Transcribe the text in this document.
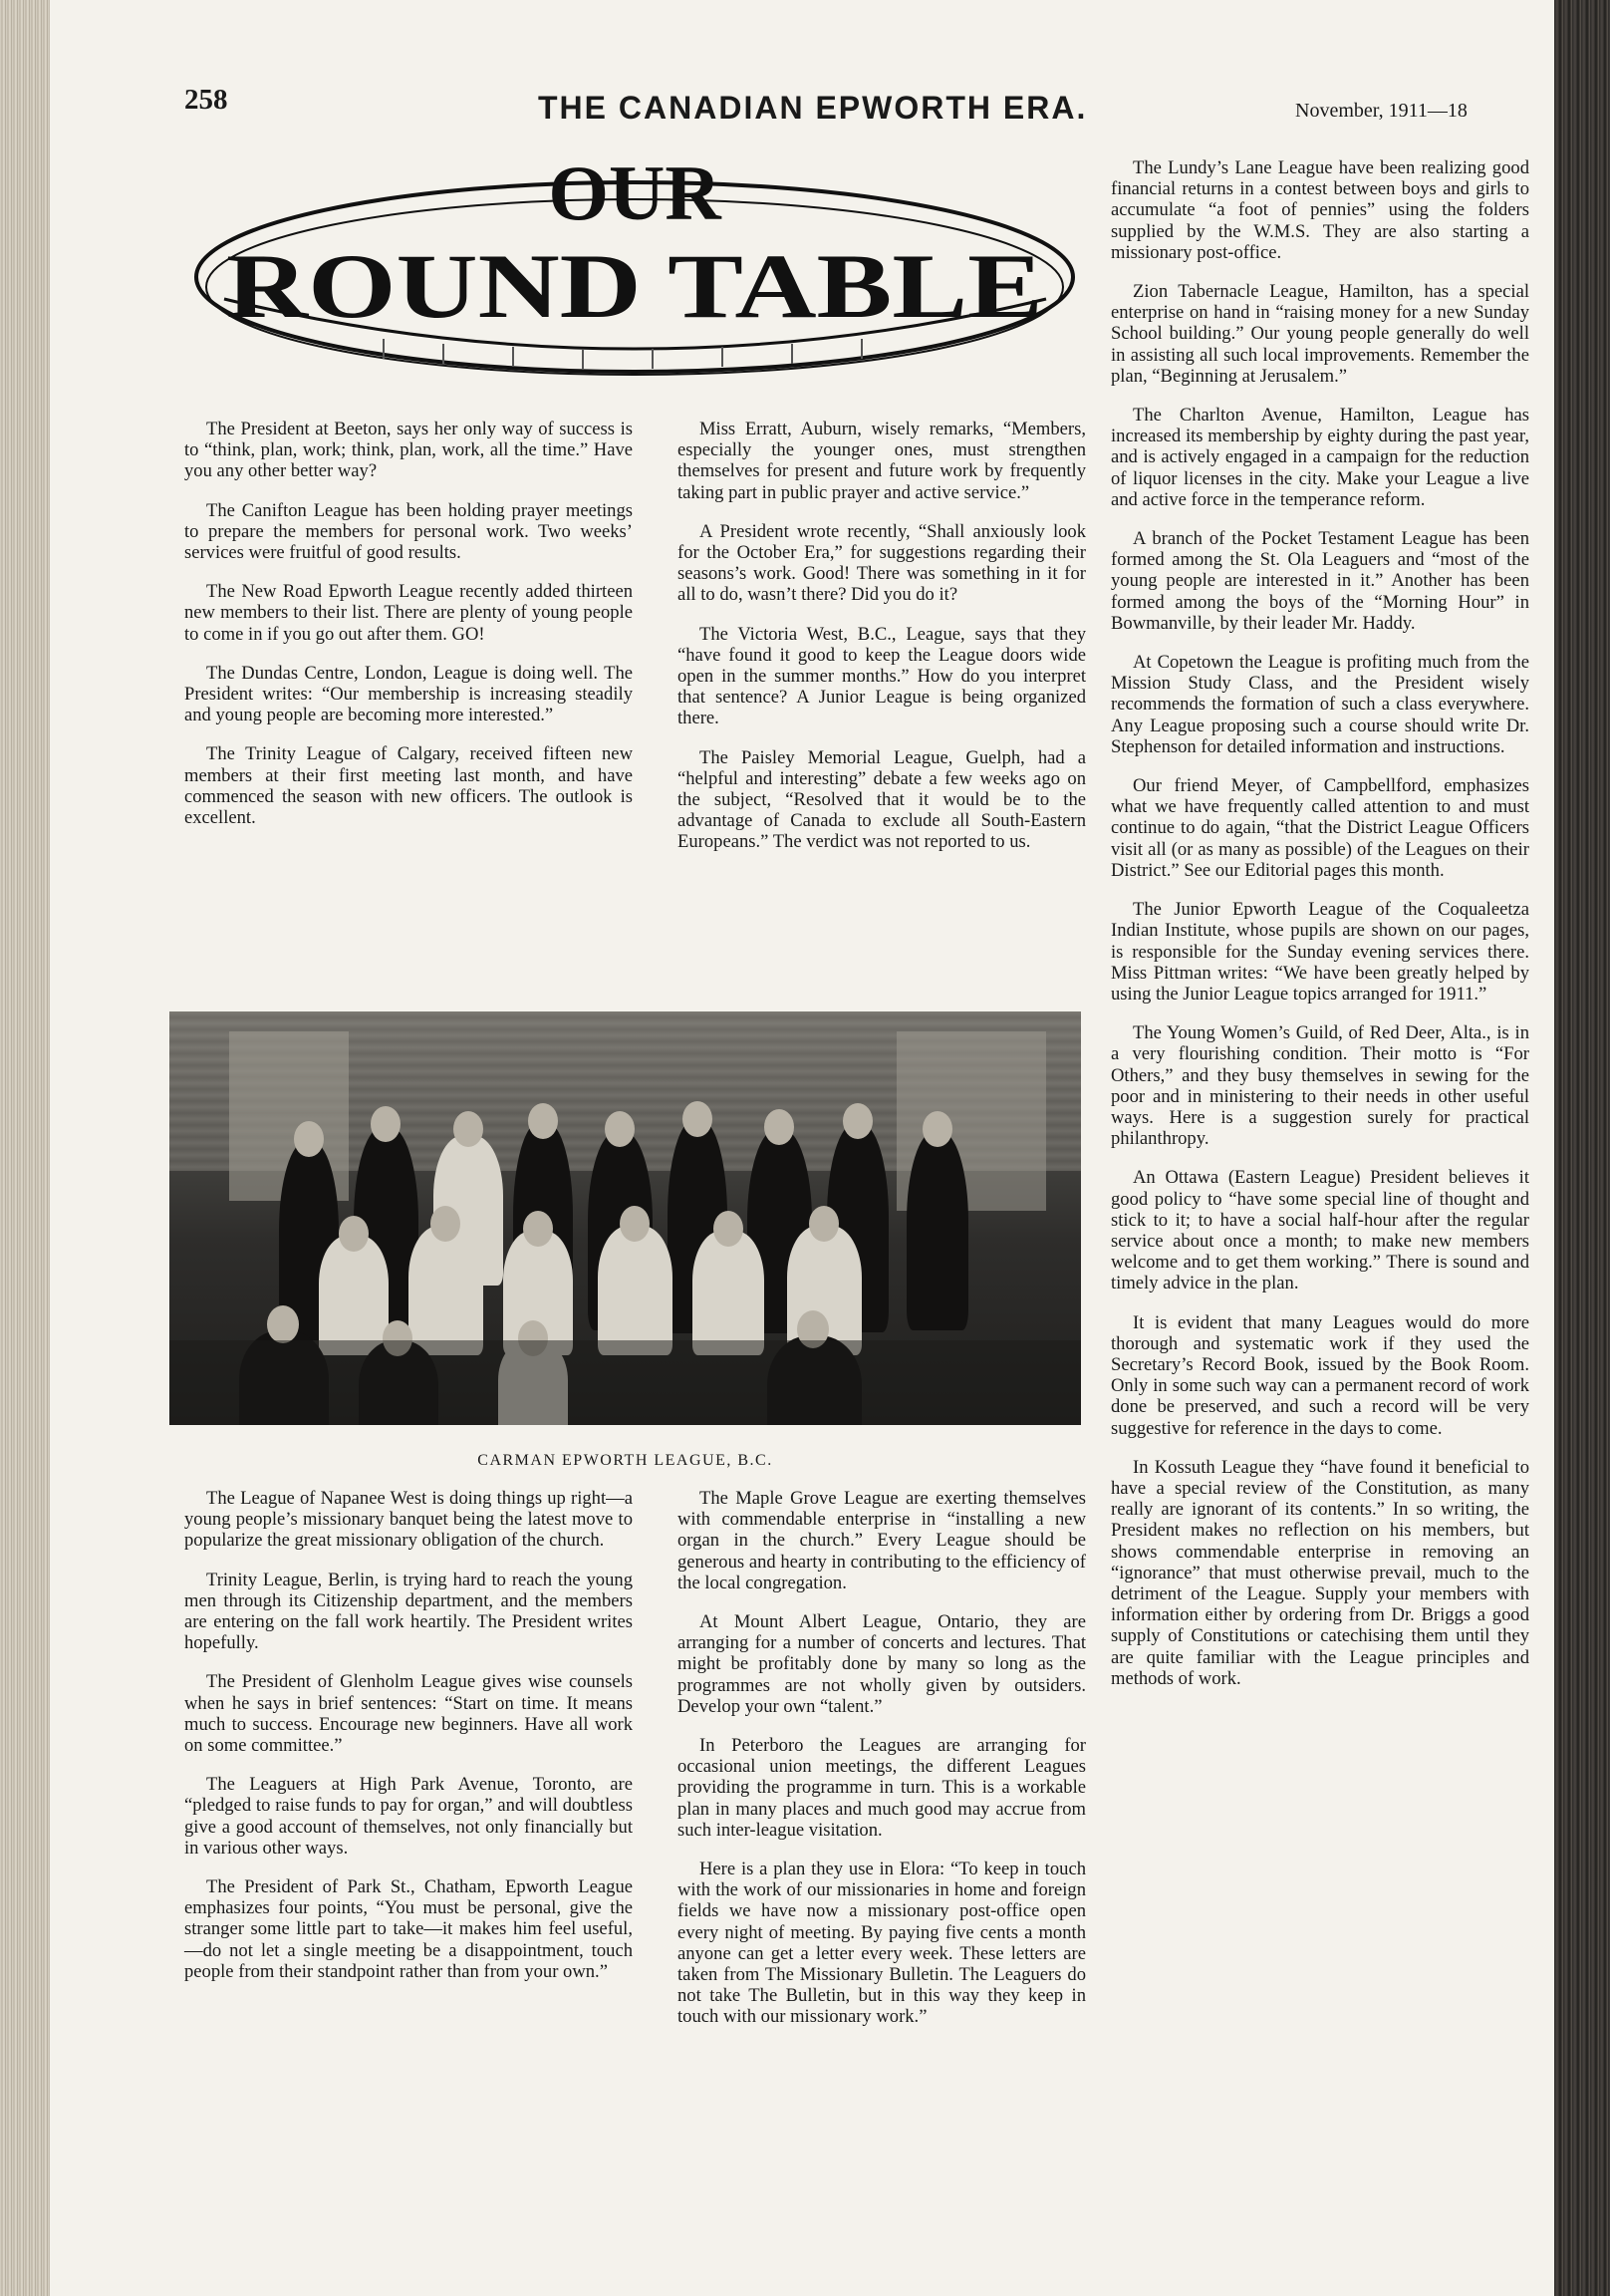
258	THE CANADIAN EPWORTH ERA.	November, 1911—18
OUR
ROUND TABLE

The President at Beeton, says her only way of success is to “think, plan, work; think, plan, work, all the time.” Have you any other better way?

The Canifton League has been holding prayer meetings to prepare the members for personal work. Two weeks’ services were fruitful of good results.

The New Road Epworth League recently added thirteen new members to their list. There are plenty of young people to come in if you go out after them. GO!

The Dundas Centre, London, League is doing well. The President writes: “Our membership is increasing steadily and young people are becoming more interested.”

The Trinity League of Calgary, received fifteen new members at their first meeting last month, and have commenced the season with new officers. The outlook is excellent.

Miss Erratt, Auburn, wisely remarks, “Members, especially the younger ones, must strengthen themselves for present and future work by frequently taking part in public prayer and active service.”

A President wrote recently, “Shall anxiously look for the October Era,” for suggestions regarding their seasons’s work. Good! There was something in it for all to do, wasn’t there? Did you do it?

The Victoria West, B.C., League, says that they “have found it good to keep the League doors wide open in the summer months.” How do you interpret that sentence? A Junior League is being organized there.

The Paisley Memorial League, Guelph, had a “helpful and interesting” debate a few weeks ago on the subject, “Resolved that it would be to the advantage of Canada to exclude all South-Eastern Europeans.” The verdict was not reported to us.

The Lundy’s Lane League have been realizing good financial returns in a contest between boys and girls to accumulate “a foot of pennies” using the folders supplied by the W.M.S. They are also starting a missionary post-office.

Zion Tabernacle League, Hamilton, has a special enterprise on hand in “raising money for a new Sunday School building.” Our young people generally do well in assisting all such local improvements. Remember the plan, “Beginning at Jerusalem.”

The Charlton Avenue, Hamilton, League has increased its membership by eighty during the past year, and is actively engaged in a campaign for the reduction of liquor licenses in the city. Make your League a live and active force in the temperance reform.

A branch of the Pocket Testament League has been formed among the St. Ola Leaguers and “most of the young people are interested in it.” Another has been formed among the boys of the “Morning Hour” in Bowmanville, by their leader Mr. Haddy.

At Copetown the League is profiting much from the Mission Study Class, and the President wisely recommends the formation of such a class everywhere. Any League proposing such a course should write Dr. Stephenson for detailed information and instructions.

Our friend Meyer, of Campbellford, emphasizes what we have frequently called attention to and must continue to do again, “that the District League Officers visit all (or as many as possible) of the Leagues on their District.” See our Editorial pages this month.

The Junior Epworth League of the Coqualeetza Indian Institute, whose pupils are shown on our pages, is responsible for the Sunday evening services there. Miss Pittman writes: “We have been greatly helped by using the Junior League topics arranged for 1911.”

The Young Women’s Guild, of Red Deer, Alta., is in a very flourishing condition. Their motto is “For Others,” and they busy themselves in sewing for the poor and in ministering to their needs in other useful ways. Here is a suggestion surely for practical philanthropy.

An Ottawa (Eastern League) President believes it good policy to “have some special line of thought and stick to it; to have a social half-hour after the regular service about once a month; to make new members welcome and to get them working.” There is sound and timely advice in the plan.

It is evident that many Leagues would do more thorough and systematic work if they used the Secretary’s Record Book, issued by the Book Room. Only in some such way can a permanent record of work done be preserved, and such a record will be very suggestive for reference in the days to come.

In Kossuth League they “have found it beneficial to have a special review of the Constitution, as many really are ignorant of its contents.” In so writing, the President makes no reflection on his members, but shows commendable enterprise in removing an “ignorance” that must otherwise prevail, much to the detriment of the League. Supply your members with information either by ordering from Dr. Briggs a good supply of Constitutions or catechising them until they are quite familiar with the League principles and methods of work.

CARMAN EPWORTH LEAGUE, B.C.

The League of Napanee West is doing things up right—a young people’s missionary banquet being the latest move to popularize the great missionary obligation of the church.

Trinity League, Berlin, is trying hard to reach the young men through its Citizenship department, and the members are entering on the fall work heartily. The President writes hopefully.

The President of Glenholm League gives wise counsels when he says in brief sentences: “Start on time. It means much to success. Encourage new beginners. Have all work on some committee.”

The Leaguers at High Park Avenue, Toronto, are “pledged to raise funds to pay for organ,” and will doubtless give a good account of themselves, not only financially but in various other ways.

The President of Park St., Chatham, Epworth League emphasizes four points, “You must be personal, give the stranger some little part to take—it makes him feel useful,—do not let a single meeting be a disappointment, touch people from their standpoint rather than from your own.”

The Maple Grove League are exerting themselves with commendable enterprise in “installing a new organ in the church.” Every League should be generous and hearty in contributing to the efficiency of the local congregation.

At Mount Albert League, Ontario, they are arranging for a number of concerts and lectures. That might be profitably done by many so long as the programmes are not wholly given by outsiders. Develop your own “talent.”

In Peterboro the Leagues are arranging for occasional union meetings, the different Leagues providing the programme in turn. This is a workable plan in many places and much good may accrue from such inter-league visitation.

Here is a plan they use in Elora: “To keep in touch with the work of our missionaries in home and foreign fields we have now a missionary post-office open every night of meeting. By paying five cents a month anyone can get a letter every week. These letters are taken from The Missionary Bulletin. The Leaguers do not take The Bulletin, but in this way they keep in touch with our missionary work.”
